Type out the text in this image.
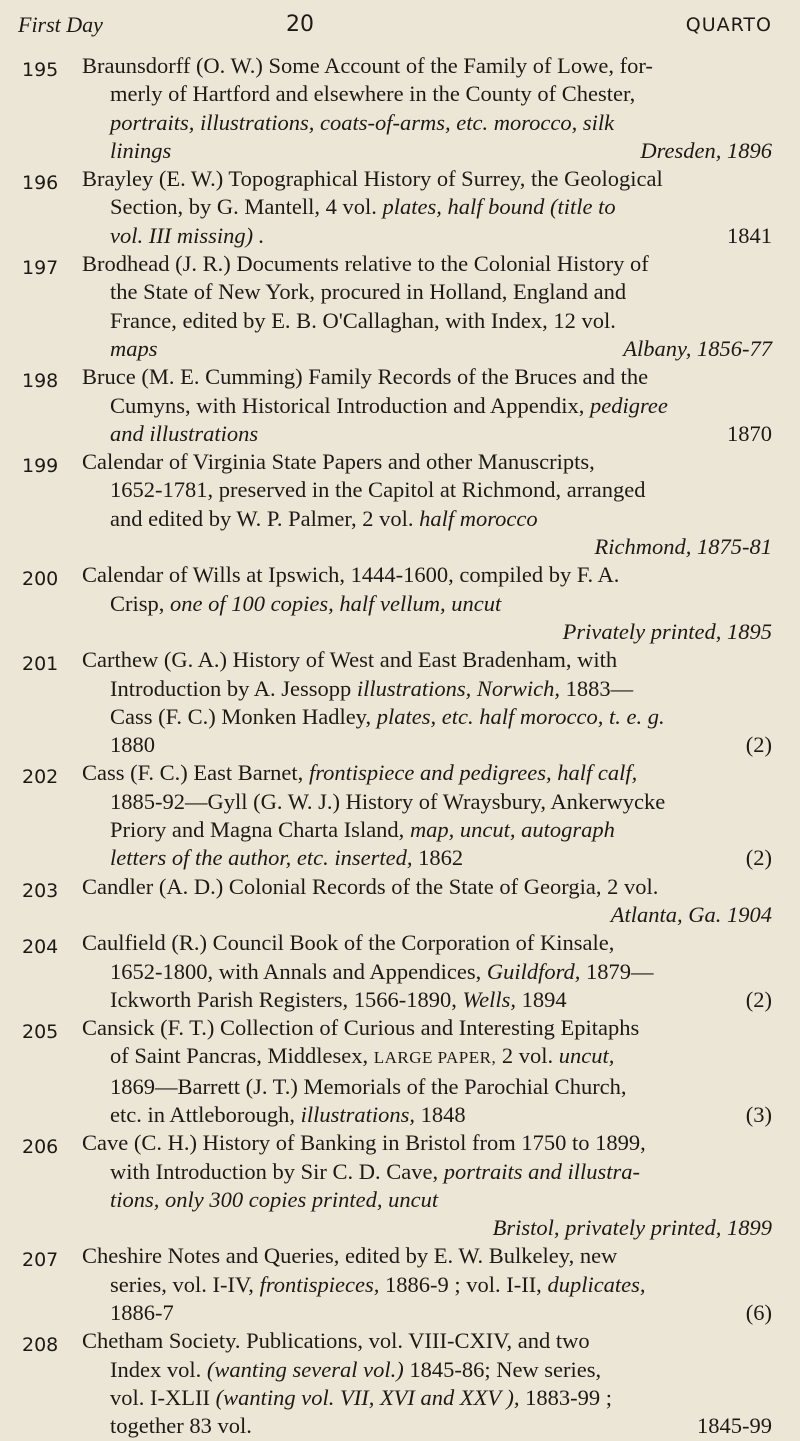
First Day	20	QUARTO
195 Braunsdorff (O. W.) Some Account of the Family of Lowe, for-
merly of Hartford and elsewhere in the County of Chester,
portraits, illustrations, coats-of-arms, etc. morocco, silk
linings	Dresden, 1896
196 Brayley (E. W.) Topographical History of Surrey, the Geological
Section, by G. Mantell, 4 vol. plates, half bound (title to
vol. III missing) .	1841
197 Brodhead (J. R.) Documents relative to the Colonial History of
the State of New York, procured in Holland, England and
France, edited by E. B. O'Callaghan, with Index, 12 vol.
maps	Albany, 1856-77
198 Bruce (M. E. Cumming) Family Records of the Bruces and the
Cumyns, with Historical Introduction and Appendix, pedigree
and illustrations	1870
199 Calendar of Virginia State Papers and other Manuscripts,
1652-1781, preserved in the Capitol at Richmond, arranged
and edited by W. P. Palmer, 2 vol. half morocco
Richmond, 1875-81
200 Calendar of Wills at Ipswich, 1444-1600, compiled by F. A.
Crisp, one of 100 copies, half vellum, uncut
Privately printed, 1895
201 Carthew (G. A.) History of West and East Bradenham, with
Introduction by A. Jessopp illustrations, Norwich, 1883—
Cass (F. C.) Monken Hadley, plates, etc. half morocco, t. e. g.
1880	(2)
202 Cass (F. C.) East Barnet, frontispiece and pedigrees, half calf,
1885-92—Gyll (G. W. J.) History of Wraysbury, Ankerwycke
Priory and Magna Charta Island, map, uncut, autograph
letters of the author, etc. inserted, 1862	(2)
203 Candler (A. D.) Colonial Records of the State of Georgia, 2 vol.
Atlanta, Ga. 1904
204 Caulfield (R.) Council Book of the Corporation of Kinsale,
1652-1800, with Annals and Appendices, Guildford, 1879—
Ickworth Parish Registers, 1566-1890, Wells, 1894	(2)
205 Cansick (F. T.) Collection of Curious and Interesting Epitaphs
of Saint Pancras, Middlesex, LARGE PAPER, 2 vol. uncut,
1869—Barrett (J. T.) Memorials of the Parochial Church,
etc. in Attleborough, illustrations, 1848	(3)
206 Cave (C. H.) History of Banking in Bristol from 1750 to 1899,
with Introduction by Sir C. D. Cave, portraits and illustra-
tions, only 300 copies printed, uncut
Bristol, privately printed, 1899
207 Cheshire Notes and Queries, edited by E. W. Bulkeley, new
series, vol. I-IV, frontispieces, 1886-9 ; vol. I-II, duplicates,
1886-7	(6)
208 Chetham Society. Publications, vol. VIII-CXIV, and two
Index vol. (wanting several vol.) 1845-86; New series,
vol. I-XLII (wanting vol. VII, XVI and XXV ), 1883-99 ;
together 83 vol.	1845-99
